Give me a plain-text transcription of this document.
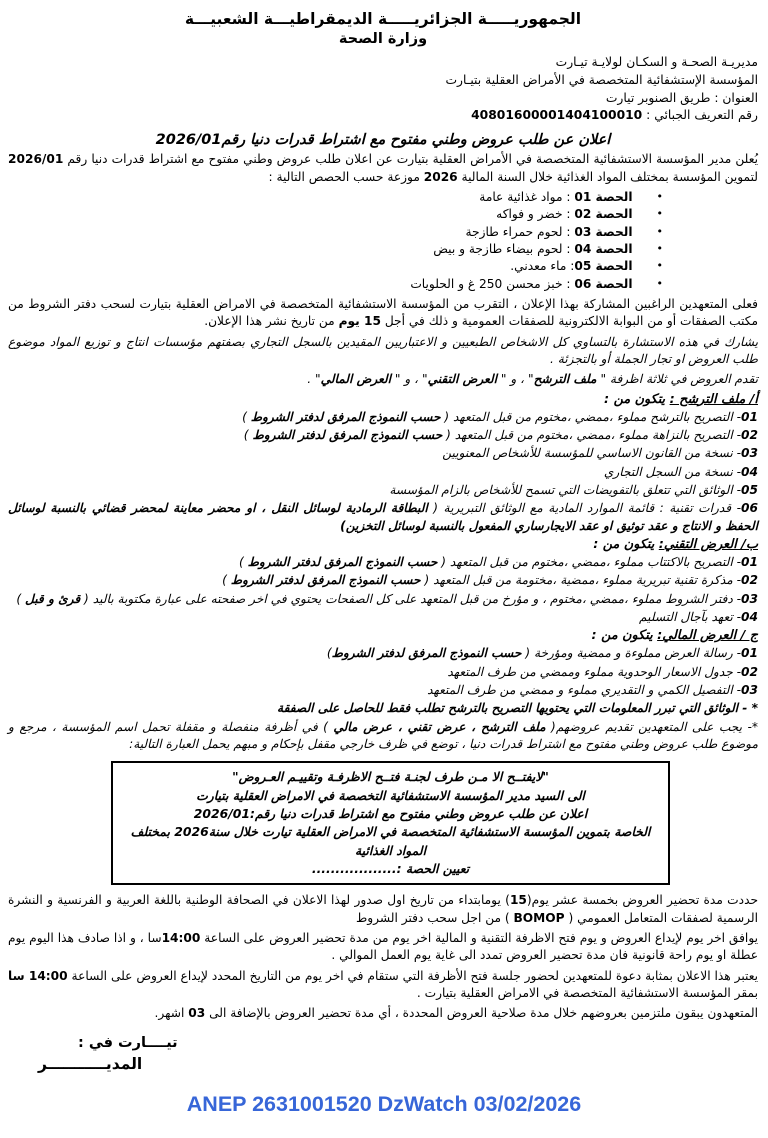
الجمهوريـــــة الجزائريـــــة الديمقراطيـــة الشعبيـــة
وزارة الصحة
مديريـة الصحـة و السكـان لولايـة تيـارت
المؤسسة الإستشفائية المتخصصة في الأمراض العقلية بتيـارت
العنوان : طريق الصنوبر تيارت
رقم التعريف الجبائي : 40801600001404100010
اعلان عن طلب عروض وطني مفتوح مع اشتراط قدرات دنيا رقم2026/01

يُعلن مدير المؤسسة الاستشفائية المتخصصة في الأمراض العقلية بتيارت عن اعلان طلب عروض وطني مفتوح مع اشتراط قدرات دنيا رقم 2026/01 لتموين المؤسسة بمختلف المواد الغذائية خلال السنة المالية 2026 موزعة حسب الحصص التالية :

•الحصة 01 : مواد غذائية عامة
•الحصة 02 : خضر و فواكه
•الحصة 03 : لحوم حمراء طازجة
•الحصة 04 : لحوم بيضاء طازجة و بيض
•الحصة 05: ماء معدني.
•الحصة 06 : خبز محسن 250 غ و الحلويات

فعلى المتعهدين الراغبين المشاركة بهذا الإعلان ، التقرب من المؤسسة الاستشفائية المتخصصة في الامراض العقلية بتيارت لسحب دفتر الشروط من مكتب الصفقات أو من البوابة الالكترونية للصفقات العمومية و ذلك في أجل 15 يوم من تاريخ نشر هذا الإعلان.

يشارك في هذه الاستشارة بالتساوي كل الاشخاص الطبعيين و الاعتباريين المقيدين بالسجل التجاري بصفتهم مؤسسات انتاج و توزيع المواد موضوع طلب العروض او تجار الجملة أو بالتجزئة .

تقدم العروض في ثلاثة اظرفة " ملف الترشح" ، و " العرض التقني" ، و " العرض المالي" .

أ/ ملف الترشح : يتكون من :
01- التصريح بالترشح مملوء ،ممضي ،مختوم من قبل المتعهد ( حسب النموذج المرفق لدفتر الشروط )
02- التصريح بالنزاهة مملوء ،ممضي ،مختوم من قبل المتعهد ( حسب النموذج المرفق لدفتر الشروط )
03- نسخة من القانون الاساسي للمؤسسة للأشخاص المعنويين
04- نسخة من السجل التجاري
05- الوثائق التي تتعلق بالتفويضات التي تسمح للأشخاص بالزام المؤسسة
06- قدرات تقنية : قائمة الموارد المادية مع الوثائق التبريرية ( البطاقة الرمادية لوسائل النقل ، او محضر معاينة لمحضر قضائي بالنسبة لوسائل الحفظ و الانتاج و عقد توثيق او عقد الايجارساري المفعول بالنسبة لوسائل التخزين)
ب/ العرض التقني: يتكون من :
01- التصريح بالاكتتاب مملوء ،ممضي ،مختوم من قبل المتعهد ( حسب النموذج المرفق لدفتر الشروط )
02- مذكرة تقنية تبريرية مملوء ،ممضية ،مختومة من قبل المتعهد ( حسب النموذج المرفق لدفتر الشروط )
03- دفتر الشروط مملوء ،ممضي ،مختوم ، و مؤرخ من قبل المتعهد على كل الصفحات يحتوي في اخر صفحته على عبارة مكتوبة باليد ( قرئ و قبل )
04- تعهد بآجال التسليم
ج / العرض المالي: يتكون من :
01- رسالة العرض مملوءة و ممضية ومؤرخة ( حسب النموذج المرفق لدفتر الشروط)
02- جدول الاسعار الوحدوية مملوء وممضي من طرف المتعهد
03- التفصيل الكمي و التقديري مملوء و ممضي من طرف المتعهد
* - الوثائق التي تبرر المعلومات التي يحتويها التصريح بالترشح تطلب فقط للحاصل على الصفقة
*- يجب على المتعهدين تقديم عروضهم( ملف الترشح ، عرض تقني ، عرض مالي ) في أظرفة منفصلة و مقفلة تحمل اسم المؤسسة ، مرجع و موضوع طلب عروض وطني مفتوح مع اشتراط قدرات دنيا ، توضع في ظرف خارجي مقفل بإحكام و مبهم يحمل العبارة التالية:
"لايفتــح الا مـن طرف لجنـة فتــح الاظرفـة وتقييـم العـروض"
الى السيد مدير المؤسسة الاستشفائية التخصصة في الامراض العقلية بتيارت
اعلان عن طلب عروض وطني مفتوح مع اشتراط قدرات دنيا رقم:2026/01
الخاصة بتموين المؤسسة الاستشفائية المتخصصة في الامراض العقلية تيارت خلال سنة2026 بمختلف المواد الغذائية
تعيين الحصة :..................

حددت مدة تحضير العروض بخمسة عشر يوم(15) يومابتداء من تاريخ اول صدور لهذا الاعلان في الصحافة الوطنية باللغة العربية و الفرنسية و النشرة الرسمية لصفقات المتعامل العمومي ( BOMOP ) من اجل سحب دفتر الشروط

يوافق اخر يوم لإيداع العروض و يوم فتح الاظرفة التقنية و المالية اخر يوم من مدة تحضير العروض على الساعة 14:00سا ، و اذا صادف هذا اليوم يوم عطلة او يوم راحة قانونية فان مدة تحضير العروض تمدد الى غاية يوم العمل الموالي .

يعتبر هذا الاعلان بمثابة دعوة للمتعهدين لحضور جلسة فتح الأظرفة التي ستقام في اخر يوم من التاريخ المحدد لإيداع العروض على الساعة 14:00 سا بمقر المؤسسة الاستشفائية المتخصصة في الامراض العقلية بتيارت .

المتعهدون يبقون ملتزمين بعروضهم خلال مدة صلاحية العروض المحددة ، أي مدة تحضير العروض بالإضافة الى 03 اشهر.

تيــــارت في :
المديـــــــــــر
ANEP 2631001520 DzWatch 03/02/2026
